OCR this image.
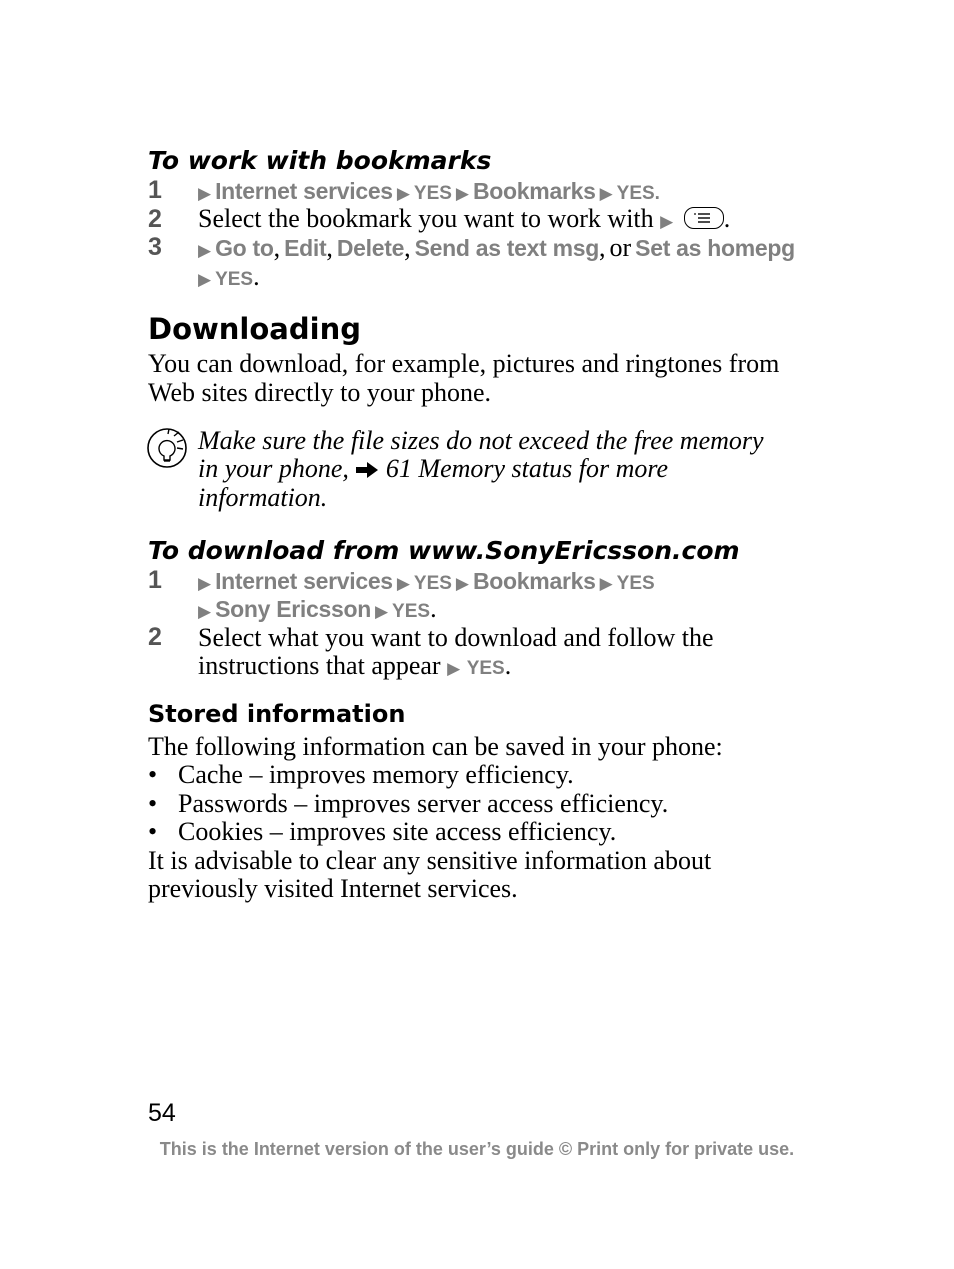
To work with bookmarks
1 ▶ Internet services ▶ YES ▶ Bookmarks ▶ YES.
2 Select the bookmark you want to work with ▶ .
3 ▶ Go to, Edit, Delete, Send as text msg, or Set as homepg
▶ YES.
Downloading
You can download, for example, pictures and ringtones from
Web sites directly to your phone.
Make sure the file sizes do not exceed the free memory
in your phone, 61 Memory status for more
information.
To download from www.SonyEricsson.com
1 ▶ Internet services ▶ YES ▶ Bookmarks ▶ YES
▶ Sony Ericsson ▶ YES.
2 Select what you want to download and follow the
instructions that appear ▶ YES.
Stored information
The following information can be saved in your phone:
• Cache – improves memory efficiency.
• Passwords – improves server access efficiency.
• Cookies – improves site access efficiency.
It is advisable to clear any sensitive information about
previously visited Internet services.
54
This is the Internet version of the user’s guide © Print only for private use.
